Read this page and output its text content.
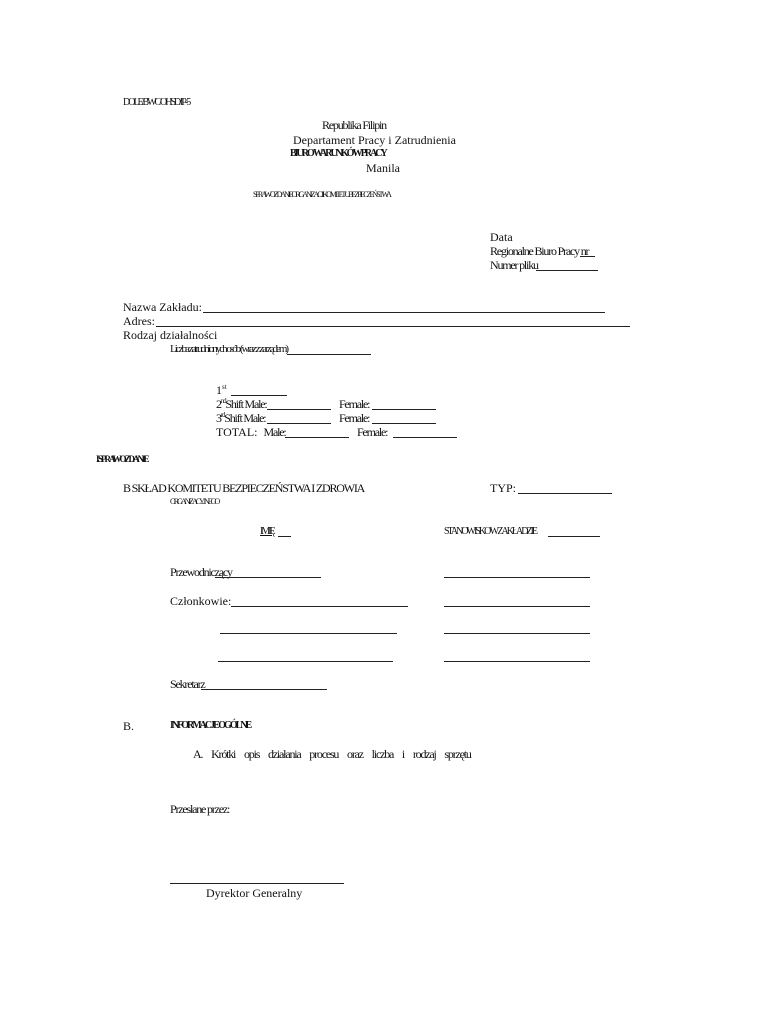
DOLE/BWC/OHSD/IP-5
Republika Filipin
Departament Pracy i Zatrudnienia
BIURO WARUNKÓW PRACY
Manila
SPRAWOZDANIE ORGANIZACJI KOMITETU BEZPIECZEŃSTWA
Data
Regionalne Biuro Pracy nr
Numer pliku
Nazwa Zakładu:
Adres:
Rodzaj działalności
Liczba zatrudnionych osób (wraz z zarządem)
1st
2ndShift Male:	Female:
3rdShift Male:	Female:
TOTAL: Male:	Female:
I. SPRAWOZDANIE
B SKŁAD KOMITETU BEZPIECZEŃSTWA I ZDROWIA
ORGANIZACYJNEGO
TYP:
IMIĘ	STANOWISKO W ZAKŁADZIE
Przewodniczący
Członkowie:
Sekretarz
B.	INFORMACJE OGÓLNE
A. Krótki opis działania procesu oraz liczba i rodzaj sprzętu
Przesłane przez:
Dyrektor Generalny
